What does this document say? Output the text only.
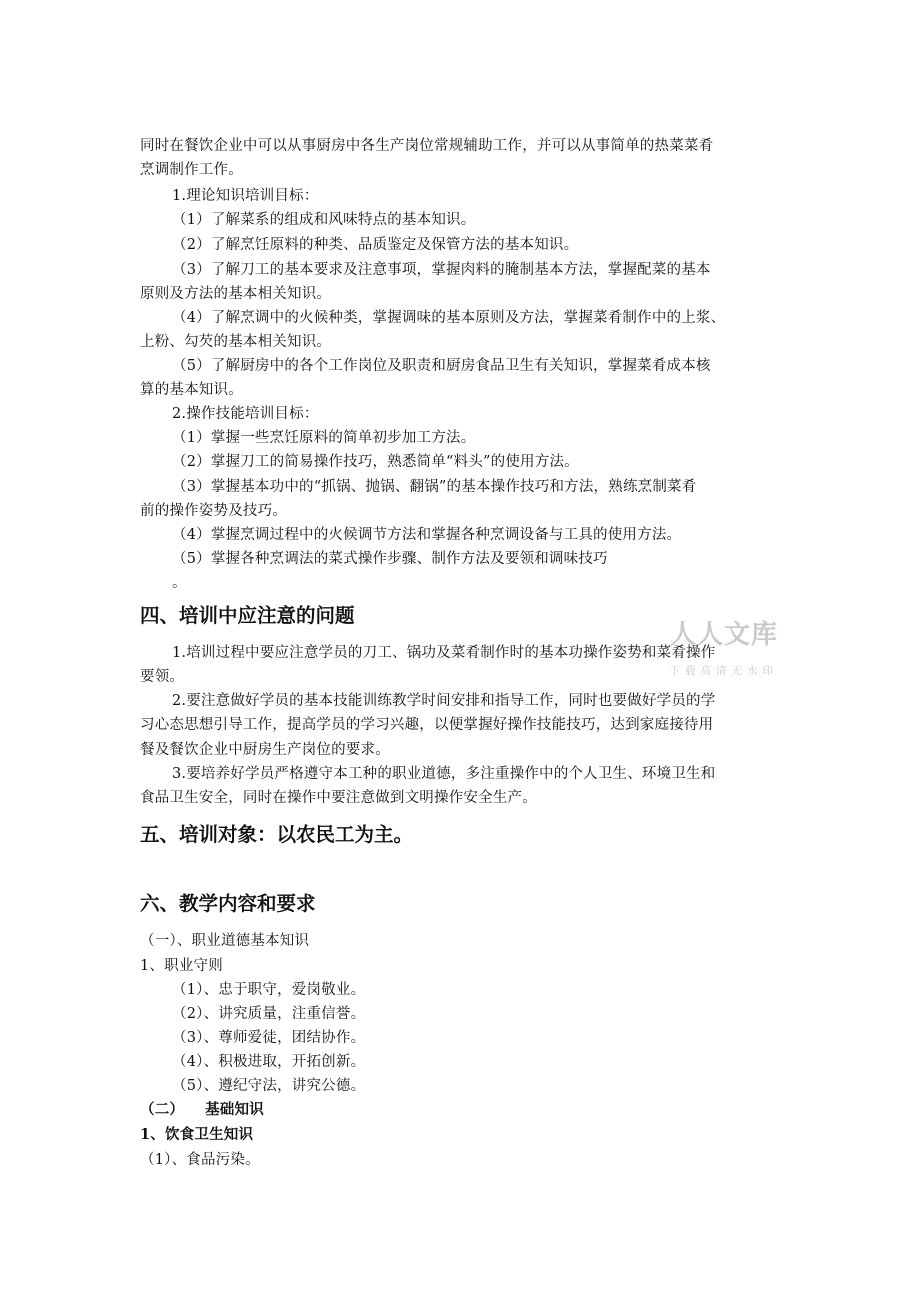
同时在餐饮企业中可以从事厨房中各生产岗位常规辅助工作，并可以从事简单的热菜菜肴
烹调制作工作。
1.理论知识培训目标：
（1）了解菜系的组成和风味特点的基本知识。
（2）了解烹饪原料的种类、品质鉴定及保管方法的基本知识。
（3）了解刀工的基本要求及注意事项，掌握肉料的腌制基本方法，掌握配菜的基本
原则及方法的基本相关知识。
（4）了解烹调中的火候种类，掌握调味的基本原则及方法，掌握菜肴制作中的上浆、
上粉、勾芡的基本相关知识。
（5）了解厨房中的各个工作岗位及职责和厨房食品卫生有关知识，掌握菜肴成本核
算的基本知识。
2.操作技能培训目标：
（1）掌握一些烹饪原料的简单初步加工方法。
（2）掌握刀工的简易操作技巧，熟悉简单“料头”的使用方法。
（3）掌握基本功中的“抓锅、抛锅、翻锅”的基本操作技巧和方法，熟练烹制菜肴
前的操作姿势及技巧。
（4）掌握烹调过程中的火候调节方法和掌握各种烹调设备与工具的使用方法。
（5）掌握各种烹调法的菜式操作步骤、制作方法及要领和调味技巧
。
四、培训中应注意的问题
1.培训过程中要应注意学员的刀工、锅功及菜肴制作时的基本功操作姿势和菜肴操作
要领。
2.要注意做好学员的基本技能训练教学时间安排和指导工作，同时也要做好学员的学
习心态思想引导工作，提高学员的学习兴趣，以便掌握好操作技能技巧，达到家庭接待用
餐及餐饮企业中厨房生产岗位的要求。
3.要培养好学员严格遵守本工种的职业道德，多注重操作中的个人卫生、环境卫生和
食品卫生安全，同时在操作中要注意做到文明操作安全生产。
五、培训对象：以农民工为主。
六、教学内容和要求
（一）、职业道德基本知识
1、职业守则
（1）、忠于职守，爱岗敬业。
（2）、讲究质量，注重信誉。
（3）、尊师爱徒，团结协作。
（4）、积极进取，开拓创新。
（5）、遵纪守法，讲究公德。
（二）    基础知识
1、饮食卫生知识
（1）、食品污染。
人人文库
下载高清无水印
